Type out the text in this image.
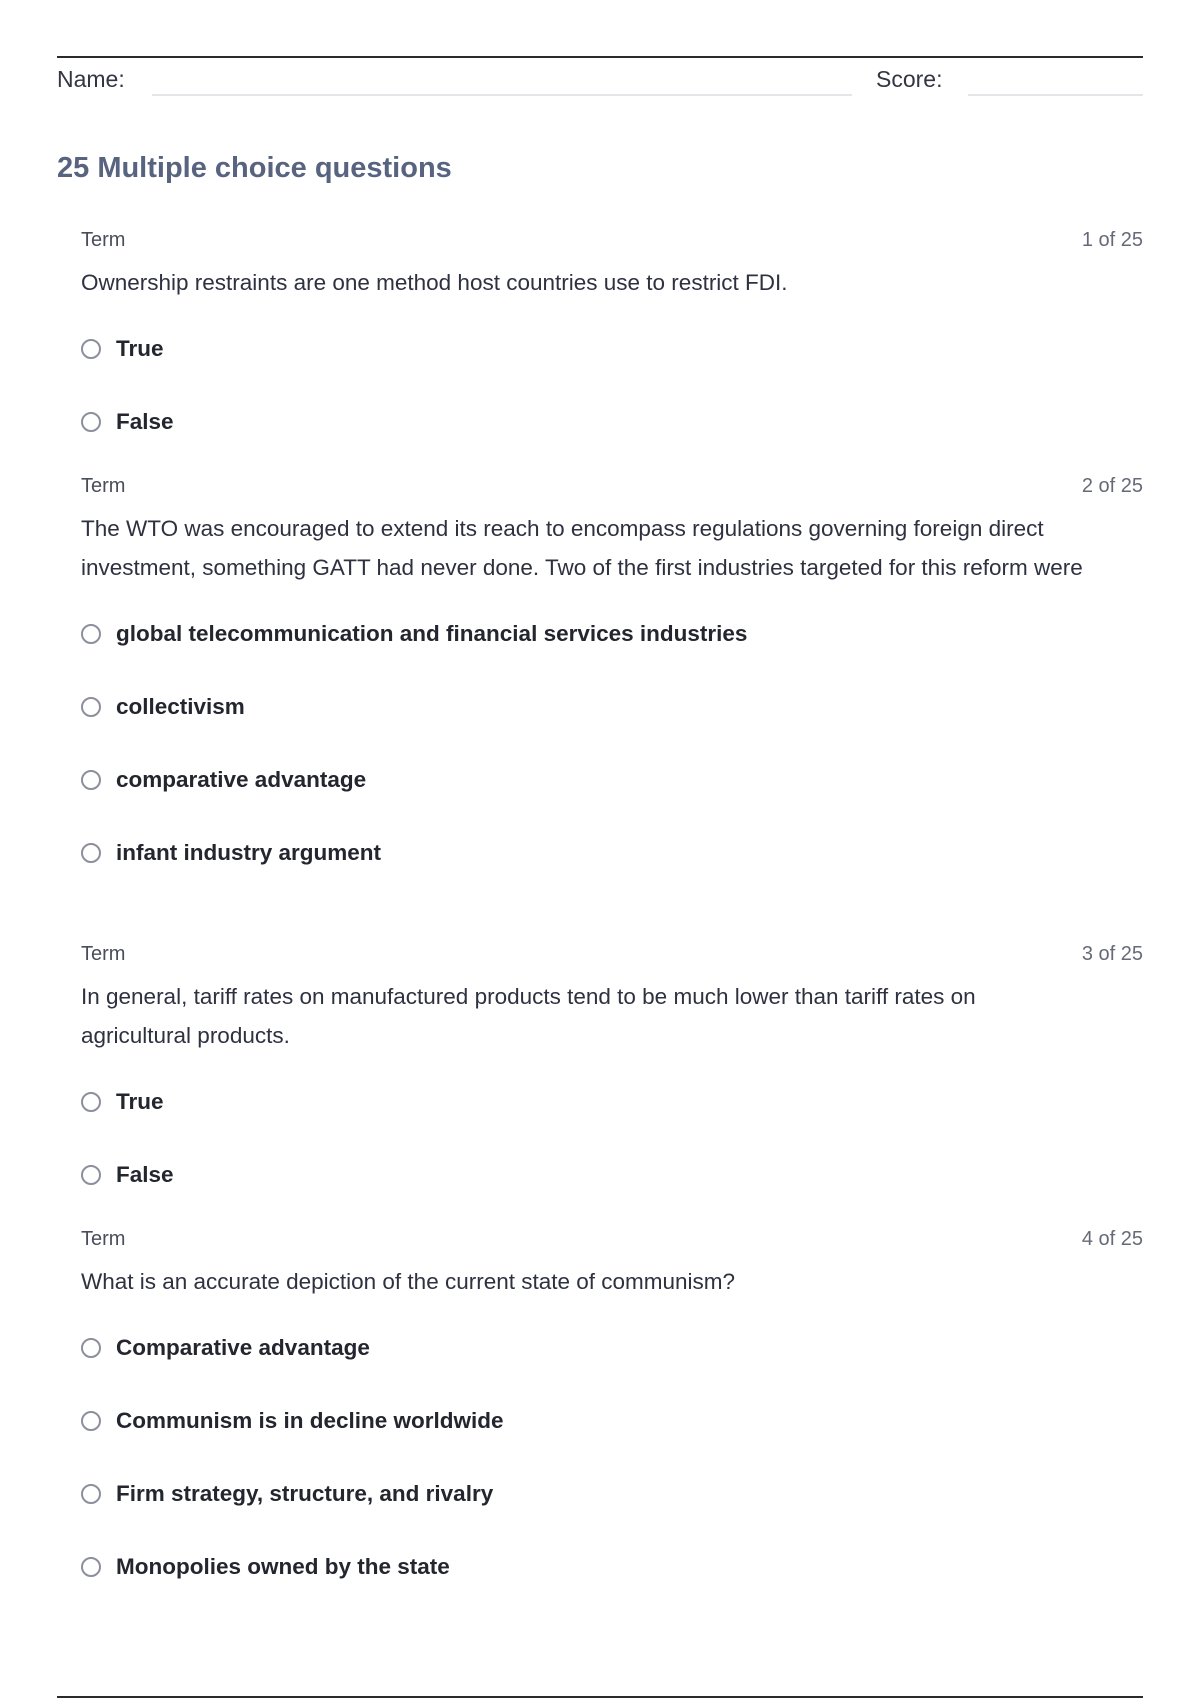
Name:	Score:
25 Multiple choice questions
Term	1 of 25
Ownership restraints are one method host countries use to restrict FDI.
True
False
Term	2 of 25
The WTO was encouraged to extend its reach to encompass regulations governing foreign direct investment, something GATT had never done. Two of the first industries targeted for this reform were
global telecommunication and financial services industries
collectivism
comparative advantage
infant industry argument
Term	3 of 25
In general, tariff rates on manufactured products tend to be much lower than tariff rates on agricultural products.
True
False
Term	4 of 25
What is an accurate depiction of the current state of communism?
Comparative advantage
Communism is in decline worldwide
Firm strategy, structure, and rivalry
Monopolies owned by the state
